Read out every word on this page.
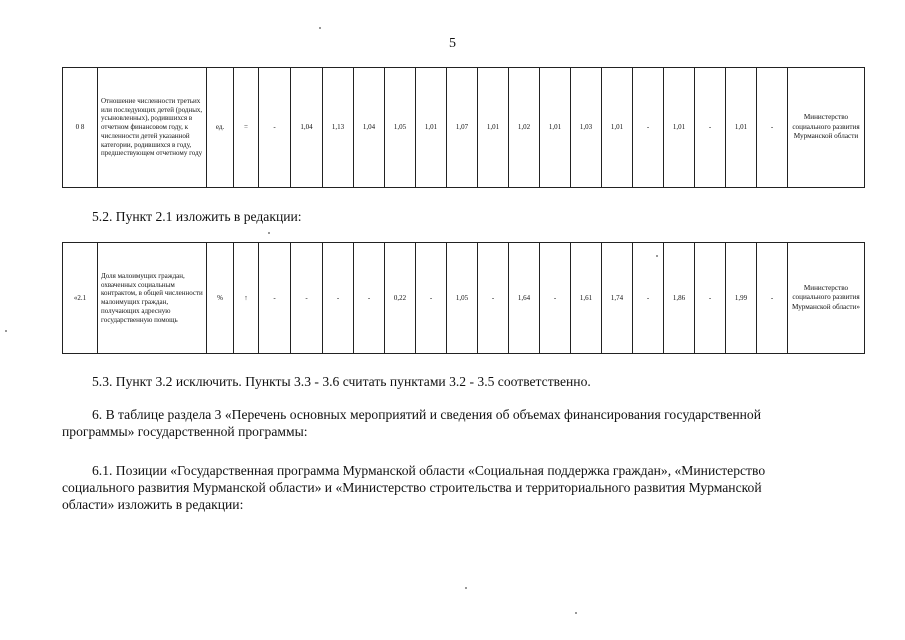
5
0 8	Отношение численности третьих или последующих детей (родных, усыновленных), родившихся в отчетном финансовом году, к численности детей указанной категории, родившихся в году, предшествующем отчетному году	ед.	=	-	1,04	1,13	1,04	1,05	1,01	1,07	1,01	1,02	1,01	1,03	1,01	-	1,01	-	1,01	-	Министерство социального развития Мурманской области

5.2. Пункт 2.1 изложить в редакции:

«2.1	Доля малоимущих граждан, охваченных социальным контрактом, в общей численности малоимущих граждан, получающих адресную государственную помощь	%	↑	-	-	-	-	0,22	-	1,05	-	1,64	-	1,61	1,74	-	1,86	-	1,99	-	Министерство социального развития Мурманской области»

5.3. Пункт 3.2 исключить. Пункты 3.3 - 3.6 считать пунктами 3.2 - 3.5 соответственно.

6. В таблице раздела 3 «Перечень основных мероприятий и сведения об объемах финансирования государственной

программы» государственной программы:

6.1. Позиции «Государственная программа Мурманской области «Социальная поддержка граждан», «Министерство

социального развития Мурманской области» и «Министерство строительства и территориального развития Мурманской

области» изложить в редакции:
